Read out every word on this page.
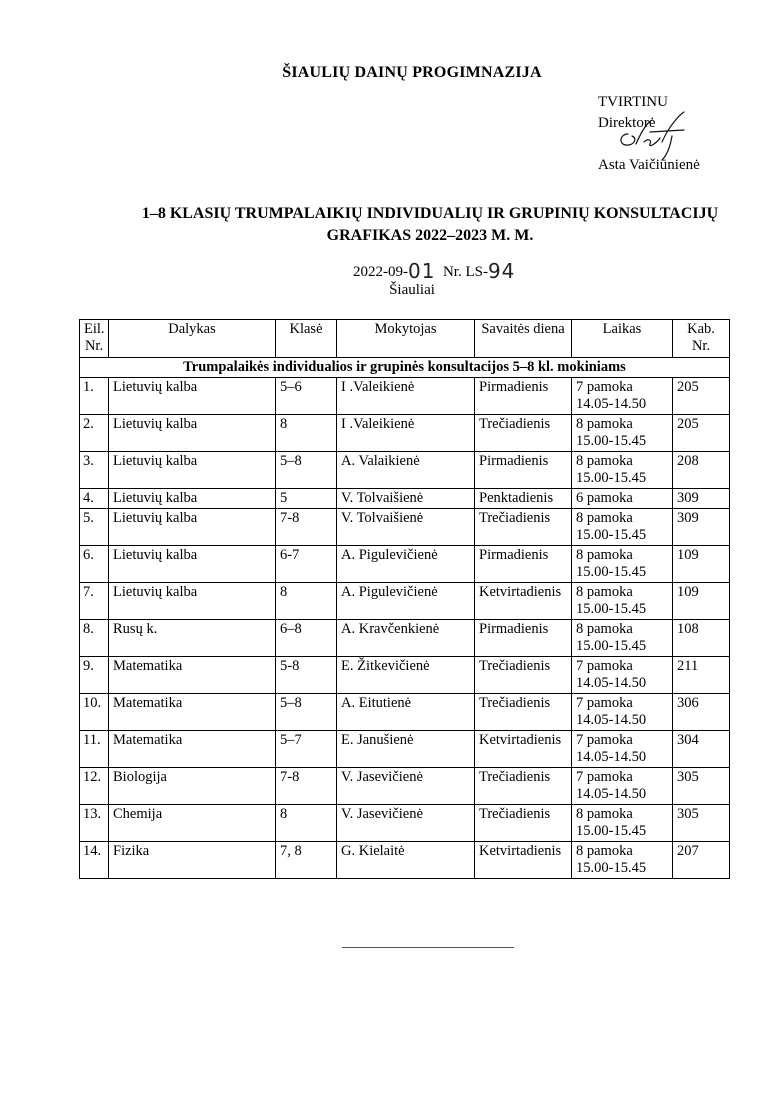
ŠIAULIŲ DAINŲ PROGIMNAZIJA
TVIRTINU
Direktorė
Asta Vaičiūnienė
1–8 KLASIŲ TRUMPALAIKIŲ INDIVIDUALIŲ IR GRUPINIŲ KONSULTACIJŲ
GRAFIKAS 2022–2023 M. M.
2022-09-01 Nr. LS-94
Šiauliai
Eil.
Nr.	Dalykas	Klasė	Mokytojas	Savaitės diena	Laikas	Kab.
Nr.
Trumpalaikės individualios ir grupinės konsultacijos 5–8 kl. mokiniams						
1.	Lietuvių kalba	5–6	I .Valeikienė	Pirmadienis	7 pamoka
14.05-14.50	205
2.	Lietuvių kalba	8	I .Valeikienė	Trečiadienis	8 pamoka
15.00-15.45	205
3.	Lietuvių kalba	5–8	A. Valaikienė	Pirmadienis	8 pamoka
15.00-15.45	208
4.	Lietuvių kalba	5	V. Tolvaišienė	Penktadienis	6 pamoka	309
5.	Lietuvių kalba	7-8	V. Tolvaišienė	Trečiadienis	8 pamoka
15.00-15.45	309
6.	Lietuvių kalba	6-7	A. Pigulevičienė	Pirmadienis	8 pamoka
15.00-15.45	109
7.	Lietuvių kalba	8	A. Pigulevičienė	Ketvirtadienis	8 pamoka
15.00-15.45	109
8.	Rusų k.	6–8	A. Kravčenkienė	Pirmadienis	8 pamoka
15.00-15.45	108
9.	Matematika	5-8	E. Žitkevičienė	Trečiadienis	7 pamoka
14.05-14.50	211
10.	Matematika	5–8	A. Eitutienė	Trečiadienis	7 pamoka
14.05-14.50	306
11.	Matematika	5–7	E. Janušienė	Ketvirtadienis	7 pamoka
14.05-14.50	304
12.	Biologija	7-8	V. Jasevičienė	Trečiadienis	7 pamoka
14.05-14.50	305
13.	Chemija	8	V. Jasevičienė	Trečiadienis	8 pamoka
15.00-15.45	305
14.	Fizika	7, 8	G. Kielaitė	Ketvirtadienis	8 pamoka
15.00-15.45	207
